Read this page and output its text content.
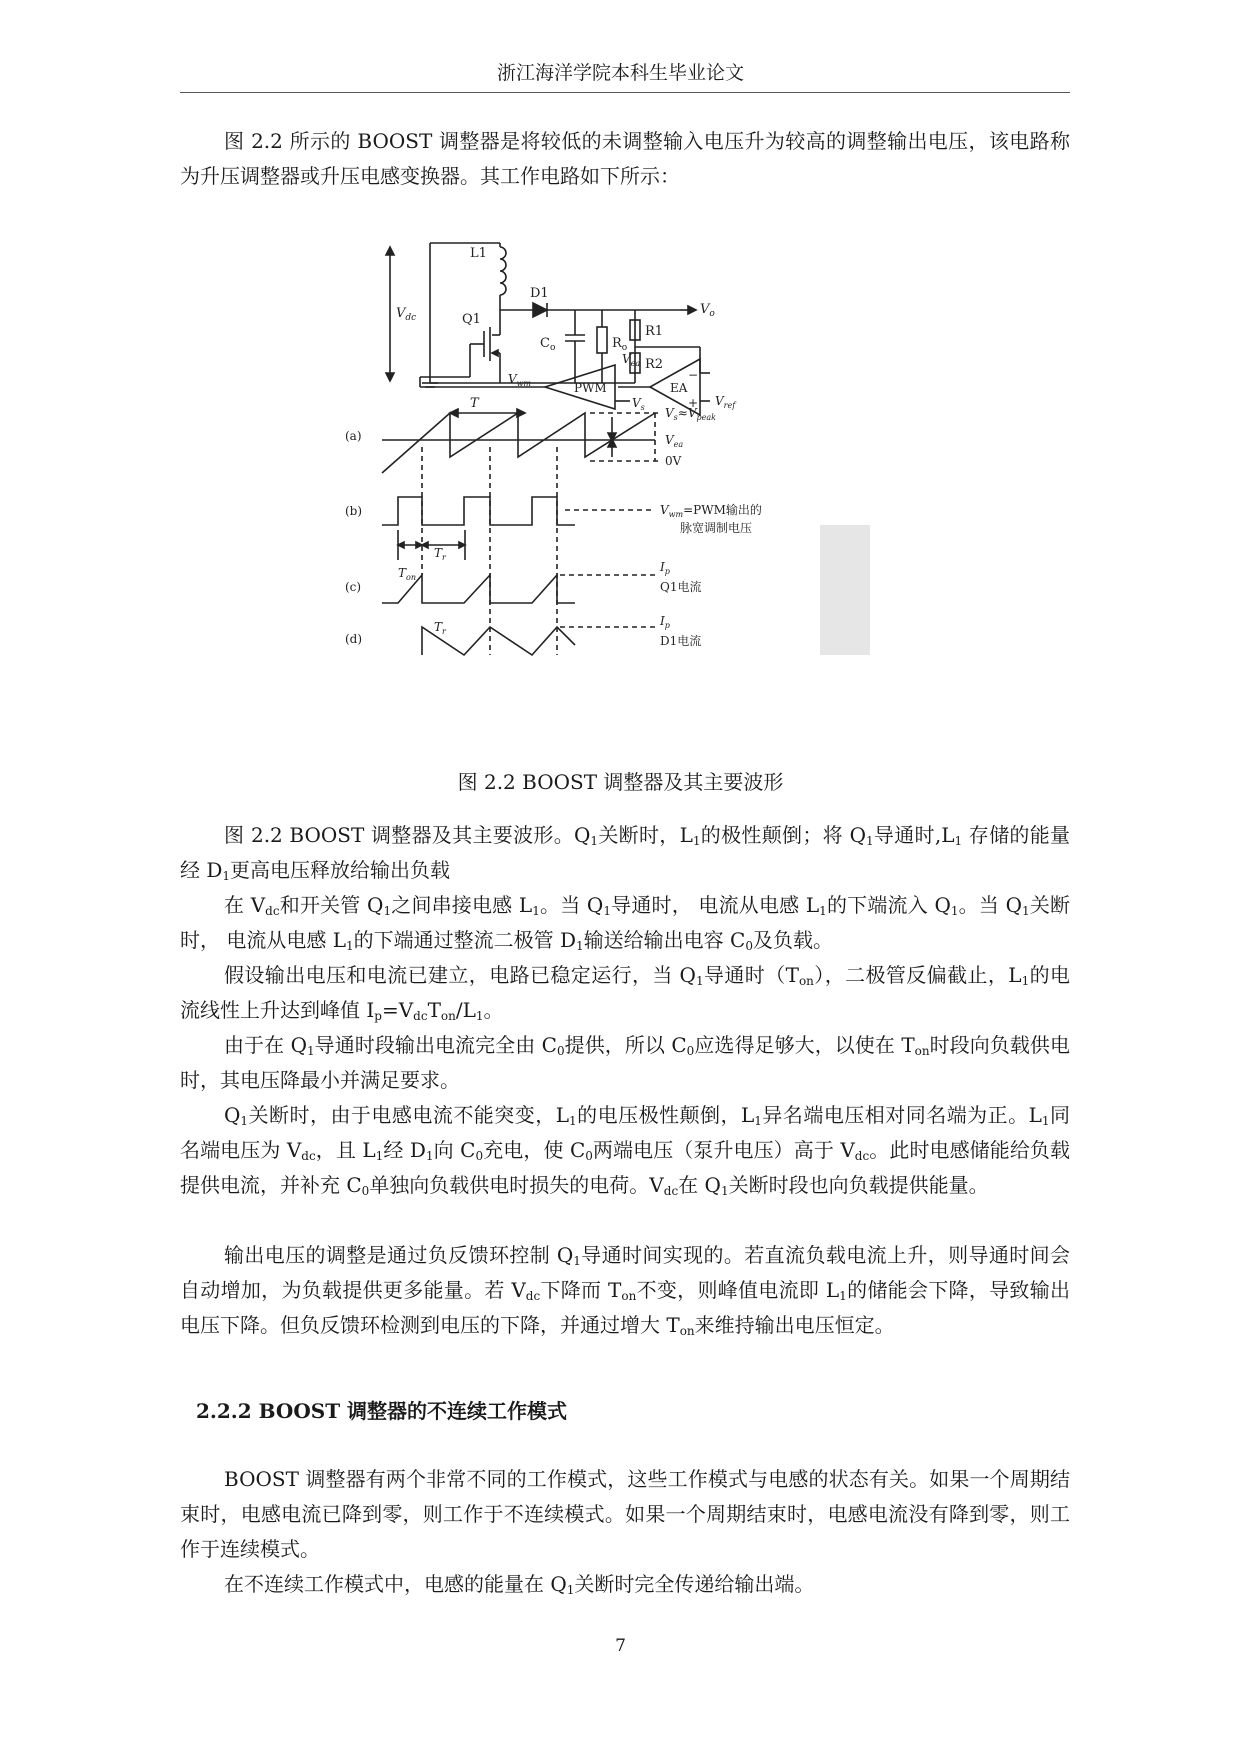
浙江海洋学院本科生毕业论文

图 2.2 所示的 BOOST 调整器是将较低的未调整输入电压升为较高的调整输出电压，该电路称为升压调整器或升压电感变换器。其工作电路如下所示：

L1
D1
Q1
$V_{dc}$
$V_o$
$C_o$	$R_o$
R1
R2
EA
PWM
−
+
$V_{wm}$
$V_{ea}$
$V_{ref}$
$V_s$
T
(a)
(b)
(c)
(d)
$V_s\approx V_{peak}$
$V_{ea}$
0V
$V_{wm}=PWM$输出的
脉宽调制电压
$T_{on}$
$T_r$
$T_r$
$I_p$
Q1电流
$I_p$
D1电流
图 2.2 BOOST 调整器及其主要波形

图 2.2 BOOST 调整器及其主要波形。$Q_1$关断时，$L_1$的极性颠倒；将 $Q_1$导通时$,L_1$ 存储的能量经 $D_1$更高电压释放给输出负载

在 $V_{dc}$和开关管 $Q_1$之间串接电感 $L_1$。当 $Q_1$导通时， 电流从电感 $L_1$的下端流入 $Q_1$。当 $Q_1$关断时， 电流从电感 $L_1$的下端通过整流二极管 $D_1$输送给输出电容 $C_0$及负载。

假设输出电压和电流已建立，电路已稳定运行，当 $Q_1$导通时$(T_{on})$，二极管反偏截止，$L_1$的电流线性上升达到峰值 $I_p=V_{dc}T_{on}/L_1$。

由于在 $Q_1$导通时段输出电流完全由 $C_0$提供，所以 $C_0$应选得足够大，以使在 $T_{on}$时段向负载供电时，其电压降最小并满足要求。

$Q_1$关断时，由于电感电流不能突变，$L_1$的电压极性颠倒，$L_1$异名端电压相对同名端为正。$L_1$同名端电压为 $V_{dc}$，且 $L_1$经 $D_1$向 $C_0$充电，使 $C_0$两端电压（泵升电压）高于 $V_{dc}$。此时电感储能给负载提供电流，并补充 $C_0$单独向负载供电时损失的电荷。$V_{dc}$在 $Q_1$关断时段也向负载提供能量。

输出电压的调整是通过负反馈环控制 $Q_1$导通时间实现的。若直流负载电流上升，则导通时间会自动增加，为负载提供更多能量。若 $V_{dc}$下降而 $T_{on}$不变，则峰值电流即 $L_1$的储能会下降，导致输出电压下降。但负反馈环检测到电压的下降，并通过增大 $T_{on}$来维持输出电压恒定。

2.2.2 BOOST 调整器的不连续工作模式

BOOST 调整器有两个非常不同的工作模式，这些工作模式与电感的状态有关。如果一个周期结束时，电感电流已降到零，则工作于不连续模式。如果一个周期结束时，电感电流没有降到零，则工作于连续模式。

在不连续工作模式中，电感的能量在 $Q_1$关断时完全传递给输出端。

7
